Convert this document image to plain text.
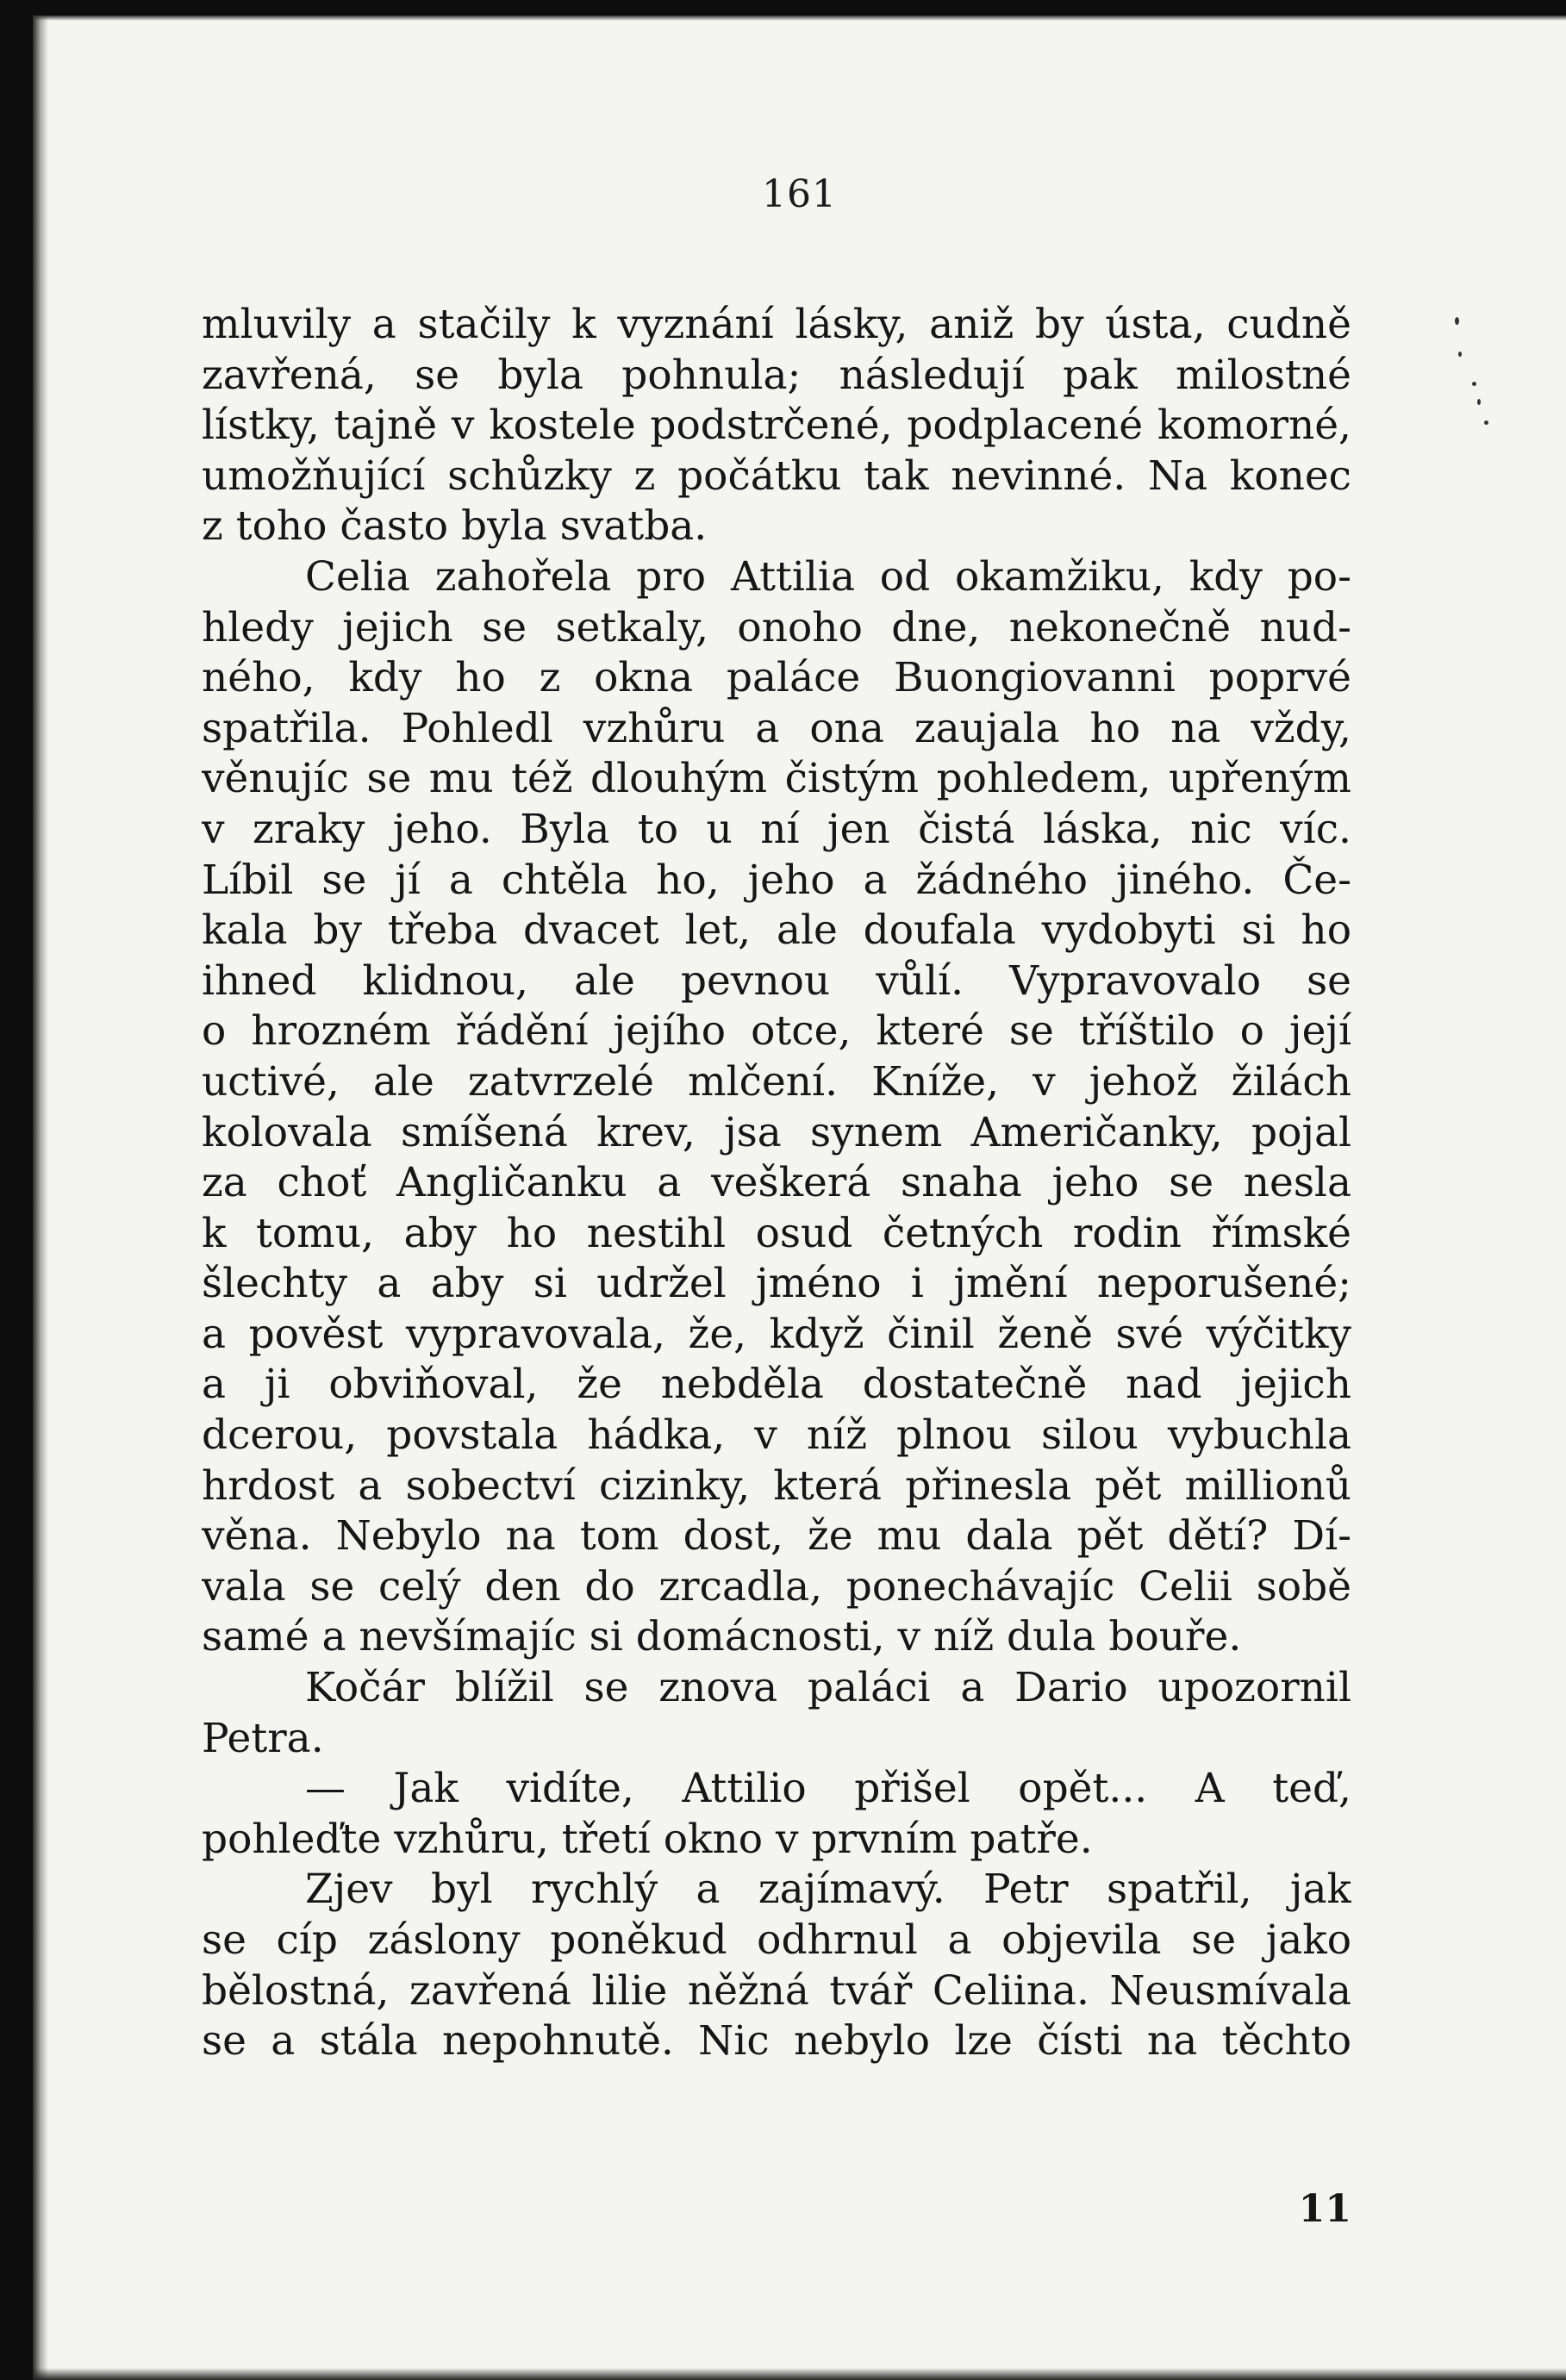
161
mluvily a stačily k vyznání lásky, aniž by ústa, cudně
zavřená, se byla pohnula; následují pak milostné
lístky, tajně v kostele podstrčené, podplacené komorné,
umožňující schůzky z počátku tak nevinné. Na konec
z toho často byla svatba.
Celia zahořela pro Attilia od okamžiku, kdy po-
hledy jejich se setkaly, onoho dne, nekonečně nud-
ného, kdy ho z okna paláce Buongiovanni poprvé
spatřila. Pohledl vzhůru a ona zaujala ho na vždy,
věnujíc se mu též dlouhým čistým pohledem, upřeným
v zraky jeho. Byla to u ní jen čistá láska, nic víc.
Líbil se jí a chtěla ho, jeho a žádného jiného. Če-
kala by třeba dvacet let, ale doufala vydobyti si ho
ihned klidnou, ale pevnou vůlí. Vypravovalo se
o hrozném řádění jejího otce, které se tříštilo o její
uctivé, ale zatvrzelé mlčení. Kníže, v jehož žilách
kolovala smíšená krev, jsa synem Američanky, pojal
za choť Angličanku a veškerá snaha jeho se nesla
k tomu, aby ho nestihl osud četných rodin římské
šlechty a aby si udržel jméno i jmění neporušené;
a pověst vypravovala, že, když činil ženě své výčitky
a ji obviňoval, že nebděla dostatečně nad jejich
dcerou, povstala hádka, v níž plnou silou vybuchla
hrdost a sobectví cizinky, která přinesla pět millionů
věna. Nebylo na tom dost, že mu dala pět dětí? Dí-
vala se celý den do zrcadla, ponechávajíc Celii sobě
samé a nevšímajíc si domácnosti, v níž dula bouře.
Kočár blížil se znova paláci a Dario upozornil
Petra.
— Jak vidíte, Attilio přišel opět... A teď,
pohleďte vzhůru, třetí okno v prvním patře.
Zjev byl rychlý a zajímavý. Petr spatřil, jak
se cíp záslony poněkud odhrnul a objevila se jako
bělostná, zavřená lilie něžná tvář Celiina. Neusmívala
se a stála nepohnutě. Nic nebylo lze čísti na těchto
11
